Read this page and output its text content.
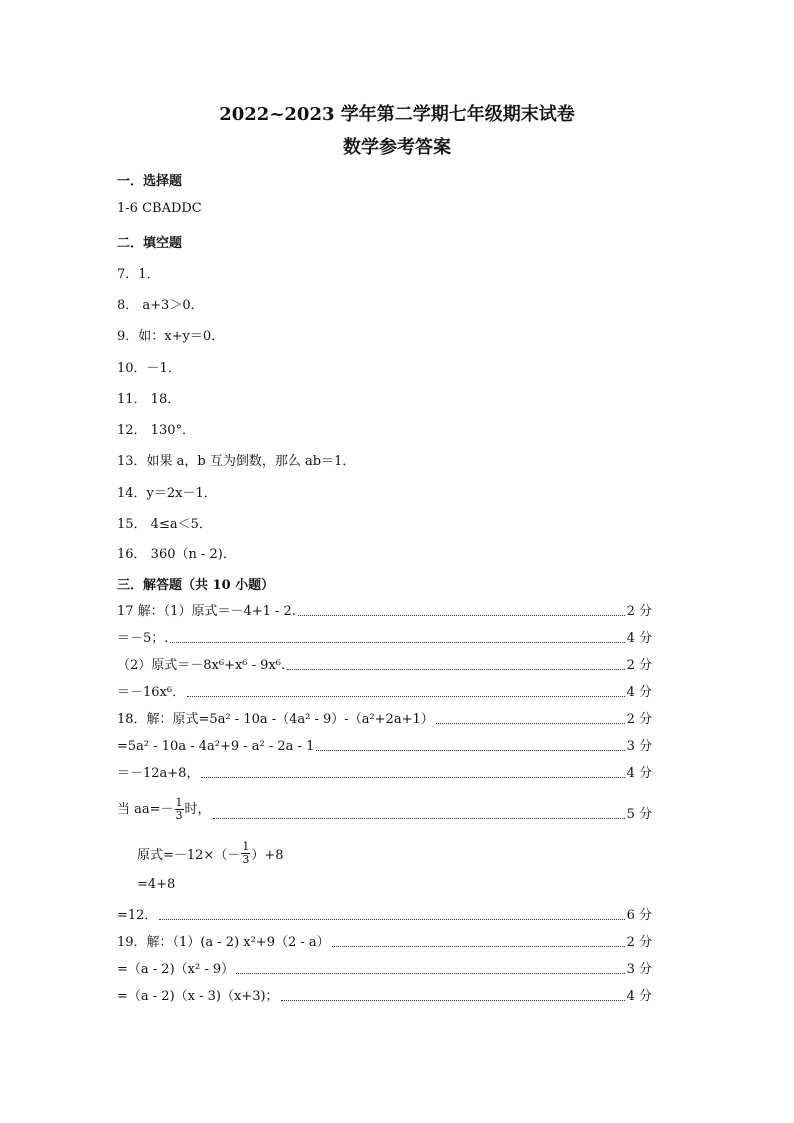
2022~2023 学年第二学期七年级期末试卷
数学参考答案
一．选择题
1-6 CBADDC
二．填空题
7．1．
8． a+3＞0．
9．如：x+y＝0．
10．－1．
11． 18．
12． 130°．
13．如果 a，b 互为倒数，那么 ab＝1．
14．y＝2x－1．
15． 4≤a＜5．
16． 360（n - 2)．
三．解答题（共 10 小题）
17 解：（1）原式＝－4+1 - 2.	2 分
＝－5；.	4 分
（2）原式＝－8x⁶+x⁶ - 9x⁶.	2 分
＝－16x⁶．	4 分
18．解：原式=5a² - 10a -（4a² - 9）-（a²+2a+1）	2 分
=5a² - 10a - 4a²+9 - a² - 2a - 1	3 分
＝－12a+8，	4 分
当 $aa=- \frac{1}{3}$ 时，	5 分
原式$=-12\times(- \frac{1}{3} )+8$
=4+8
=12．	6 分
19．解：（1）(a - 2) x²+9（2 - a）	2 分
=（a - 2)（x² - 9）	3 分
=（a - 2)（x - 3)（x+3)；	4 分
